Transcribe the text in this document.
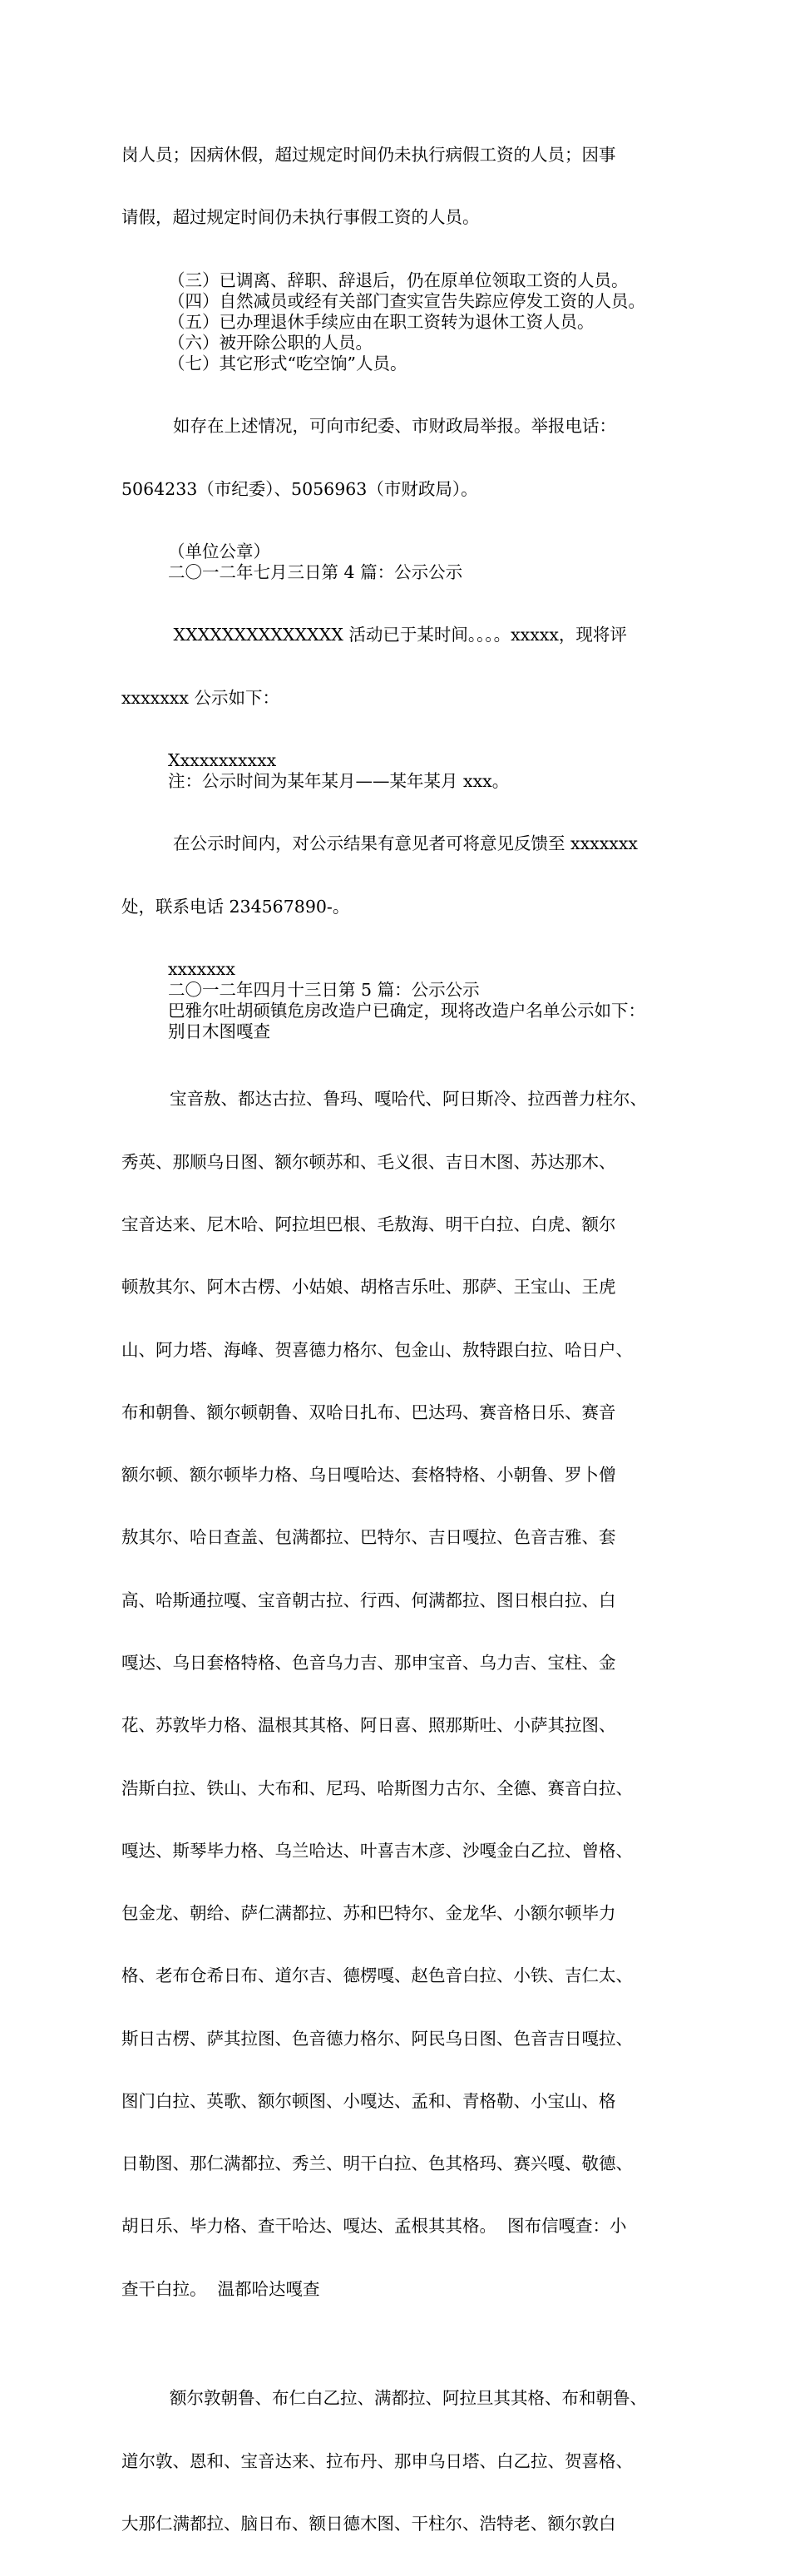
岗人员；因病休假，超过规定时间仍未执行病假工资的人员；因事

请假，超过规定时间仍未执行事假工资的人员。

（三）已调离、辞职、辞退后，仍在原单位领取工资的人员。
（四）自然减员或经有关部门查实宣告失踪应停发工资的人员。
（五）已办理退休手续应由在职工资转为退休工资人员。
（六）被开除公职的人员。
（七）其它形式“吃空饷”人员。

如存在上述情况，可向市纪委、市财政局举报。举报电话：

5064233（市纪委）、5056963（市财政局）。

（单位公章）
二〇一二年七月三日第 4 篇：公示公示

XXXXXXXXXXXXXX 活动已于某时间。。。。xxxxx，现将评

xxxxxxx 公示如下：

Xxxxxxxxxxx
注：公示时间为某年某月——某年某月 xxx。

在公示时间内，对公示结果有意见者可将意见反馈至 xxxxxxx

处，联系电话 234567890-。

xxxxxxx
二〇一二年四月十三日第 5 篇：公示公示
巴雅尔吐胡硕镇危房改造户已确定，现将改造户名单公示如下：
别日木图嘎查

宝音敖、都达古拉、鲁玛、嘎哈代、阿日斯冷、拉西普力柱尔、

秀英、那顺乌日图、额尔顿苏和、毛义很、吉日木图、苏达那木、

宝音达来、尼木哈、阿拉坦巴根、毛敖海、明干白拉、白虎、额尔

顿敖其尔、阿木古楞、小姑娘、胡格吉乐吐、那萨、王宝山、王虎

山、阿力塔、海峰、贺喜德力格尔、包金山、敖特跟白拉、哈日户、

布和朝鲁、额尔顿朝鲁、双哈日扎布、巴达玛、赛音格日乐、赛音

额尔顿、额尔顿毕力格、乌日嘎哈达、套格特格、小朝鲁、罗卜僧

敖其尔、哈日查盖、包满都拉、巴特尔、吉日嘎拉、色音吉雅、套

高、哈斯通拉嘎、宝音朝古拉、行西、何满都拉、图日根白拉、白

嘎达、乌日套格特格、色音乌力吉、那申宝音、乌力吉、宝柱、金

花、苏敦毕力格、温根其其格、阿日喜、照那斯吐、小萨其拉图、

浩斯白拉、铁山、大布和、尼玛、哈斯图力古尔、全德、赛音白拉、

嘎达、斯琴毕力格、乌兰哈达、叶喜吉木彦、沙嘎金白乙拉、曾格、

包金龙、朝给、萨仁满都拉、苏和巴特尔、金龙华、小额尔顿毕力

格、老布仓希日布、道尔吉、德楞嘎、赵色音白拉、小铁、吉仁太、

斯日古楞、萨其拉图、色音德力格尔、阿民乌日图、色音吉日嘎拉、

图门白拉、英歌、额尔顿图、小嘎达、孟和、青格勒、小宝山、格

日勒图、那仁满都拉、秀兰、明干白拉、色其格玛、赛兴嘎、敬德、

胡日乐、毕力格、查干哈达、嘎达、孟根其其格。  图布信嘎查：小

查干白拉。  温都哈达嘎查

额尔敦朝鲁、布仁白乙拉、满都拉、阿拉旦其其格、布和朝鲁、

道尔敦、恩和、宝音达来、拉布丹、那申乌日塔、白乙拉、贺喜格、

大那仁满都拉、脑日布、额日德木图、干柱尔、浩特老、额尔敦白
